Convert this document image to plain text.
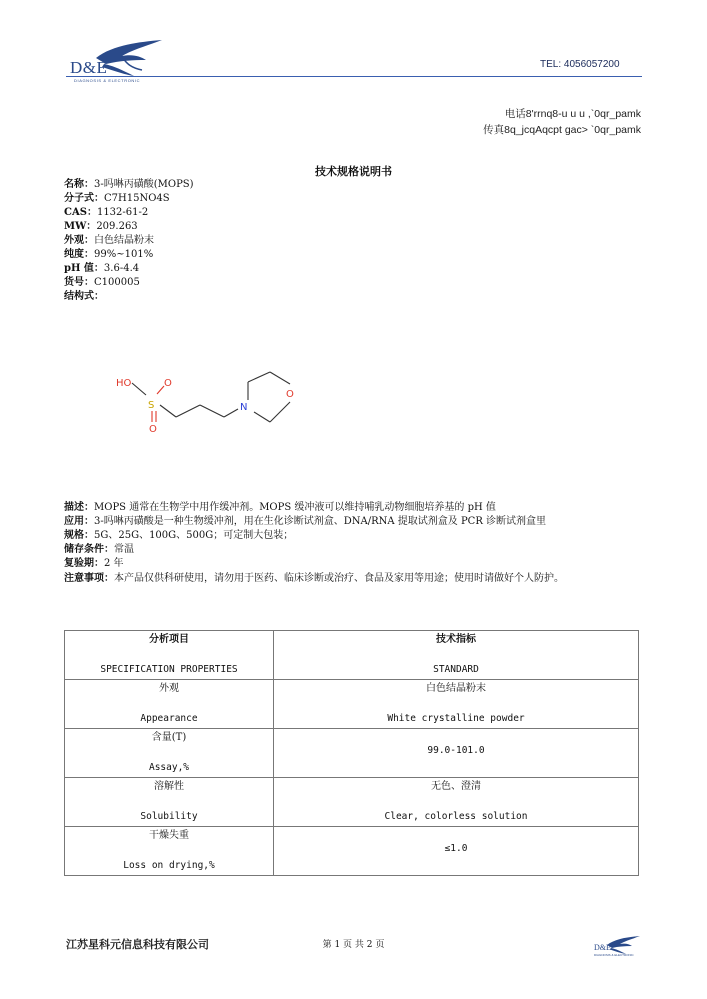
D&E
DIAGNOSIS & ELECTRONIC
TEL: 4056057200
电话8'rrnq8-u u u ,`0qr_pamk
传真8q_jcqAqcpt gac> `0qr_pamk
技术规格说明书
名称：3-吗啉丙磺酸(MOPS)
分子式：C7H15NO4S
CAS：1132-61-2
MW：209.263
外观：白色结晶粉末
纯度：99%~101%
pH 值：3.6-4.4
货号：C100005
结构式：
HO
S
O
O
N
O
描述：MOPS 通常在生物学中用作缓冲剂。MOPS 缓冲液可以维持哺乳动物细胞培养基的 pH 值
应用：3-吗啉丙磺酸是一种生物缓冲剂，用在生化诊断试剂盒、DNA/RNA 提取试剂盒及 PCR 诊断试剂盒里
规格：5G、25G、100G、500G；可定制大包装；
储存条件：常温
复验期：2 年
注意事项：本产品仅供科研使用，请勿用于医药、临床诊断或治疗、食品及家用等用途；使用时请做好个人防护。
分析项目
SPECIFICATION PROPERTIES	技术指标
STANDARD

外观
Appearance	白色结晶粉末
White crystalline powder

含量(T)
Assay,%	99.0-101.0

溶解性
Solubility	无色、澄清
Clear, colorless solution

干燥失重
Loss on drying,%	≤1.0
江苏星科元信息科技有限公司	第 1 页 共 2 页	D&E
DIAGNOSIS & ELECTRONIC
